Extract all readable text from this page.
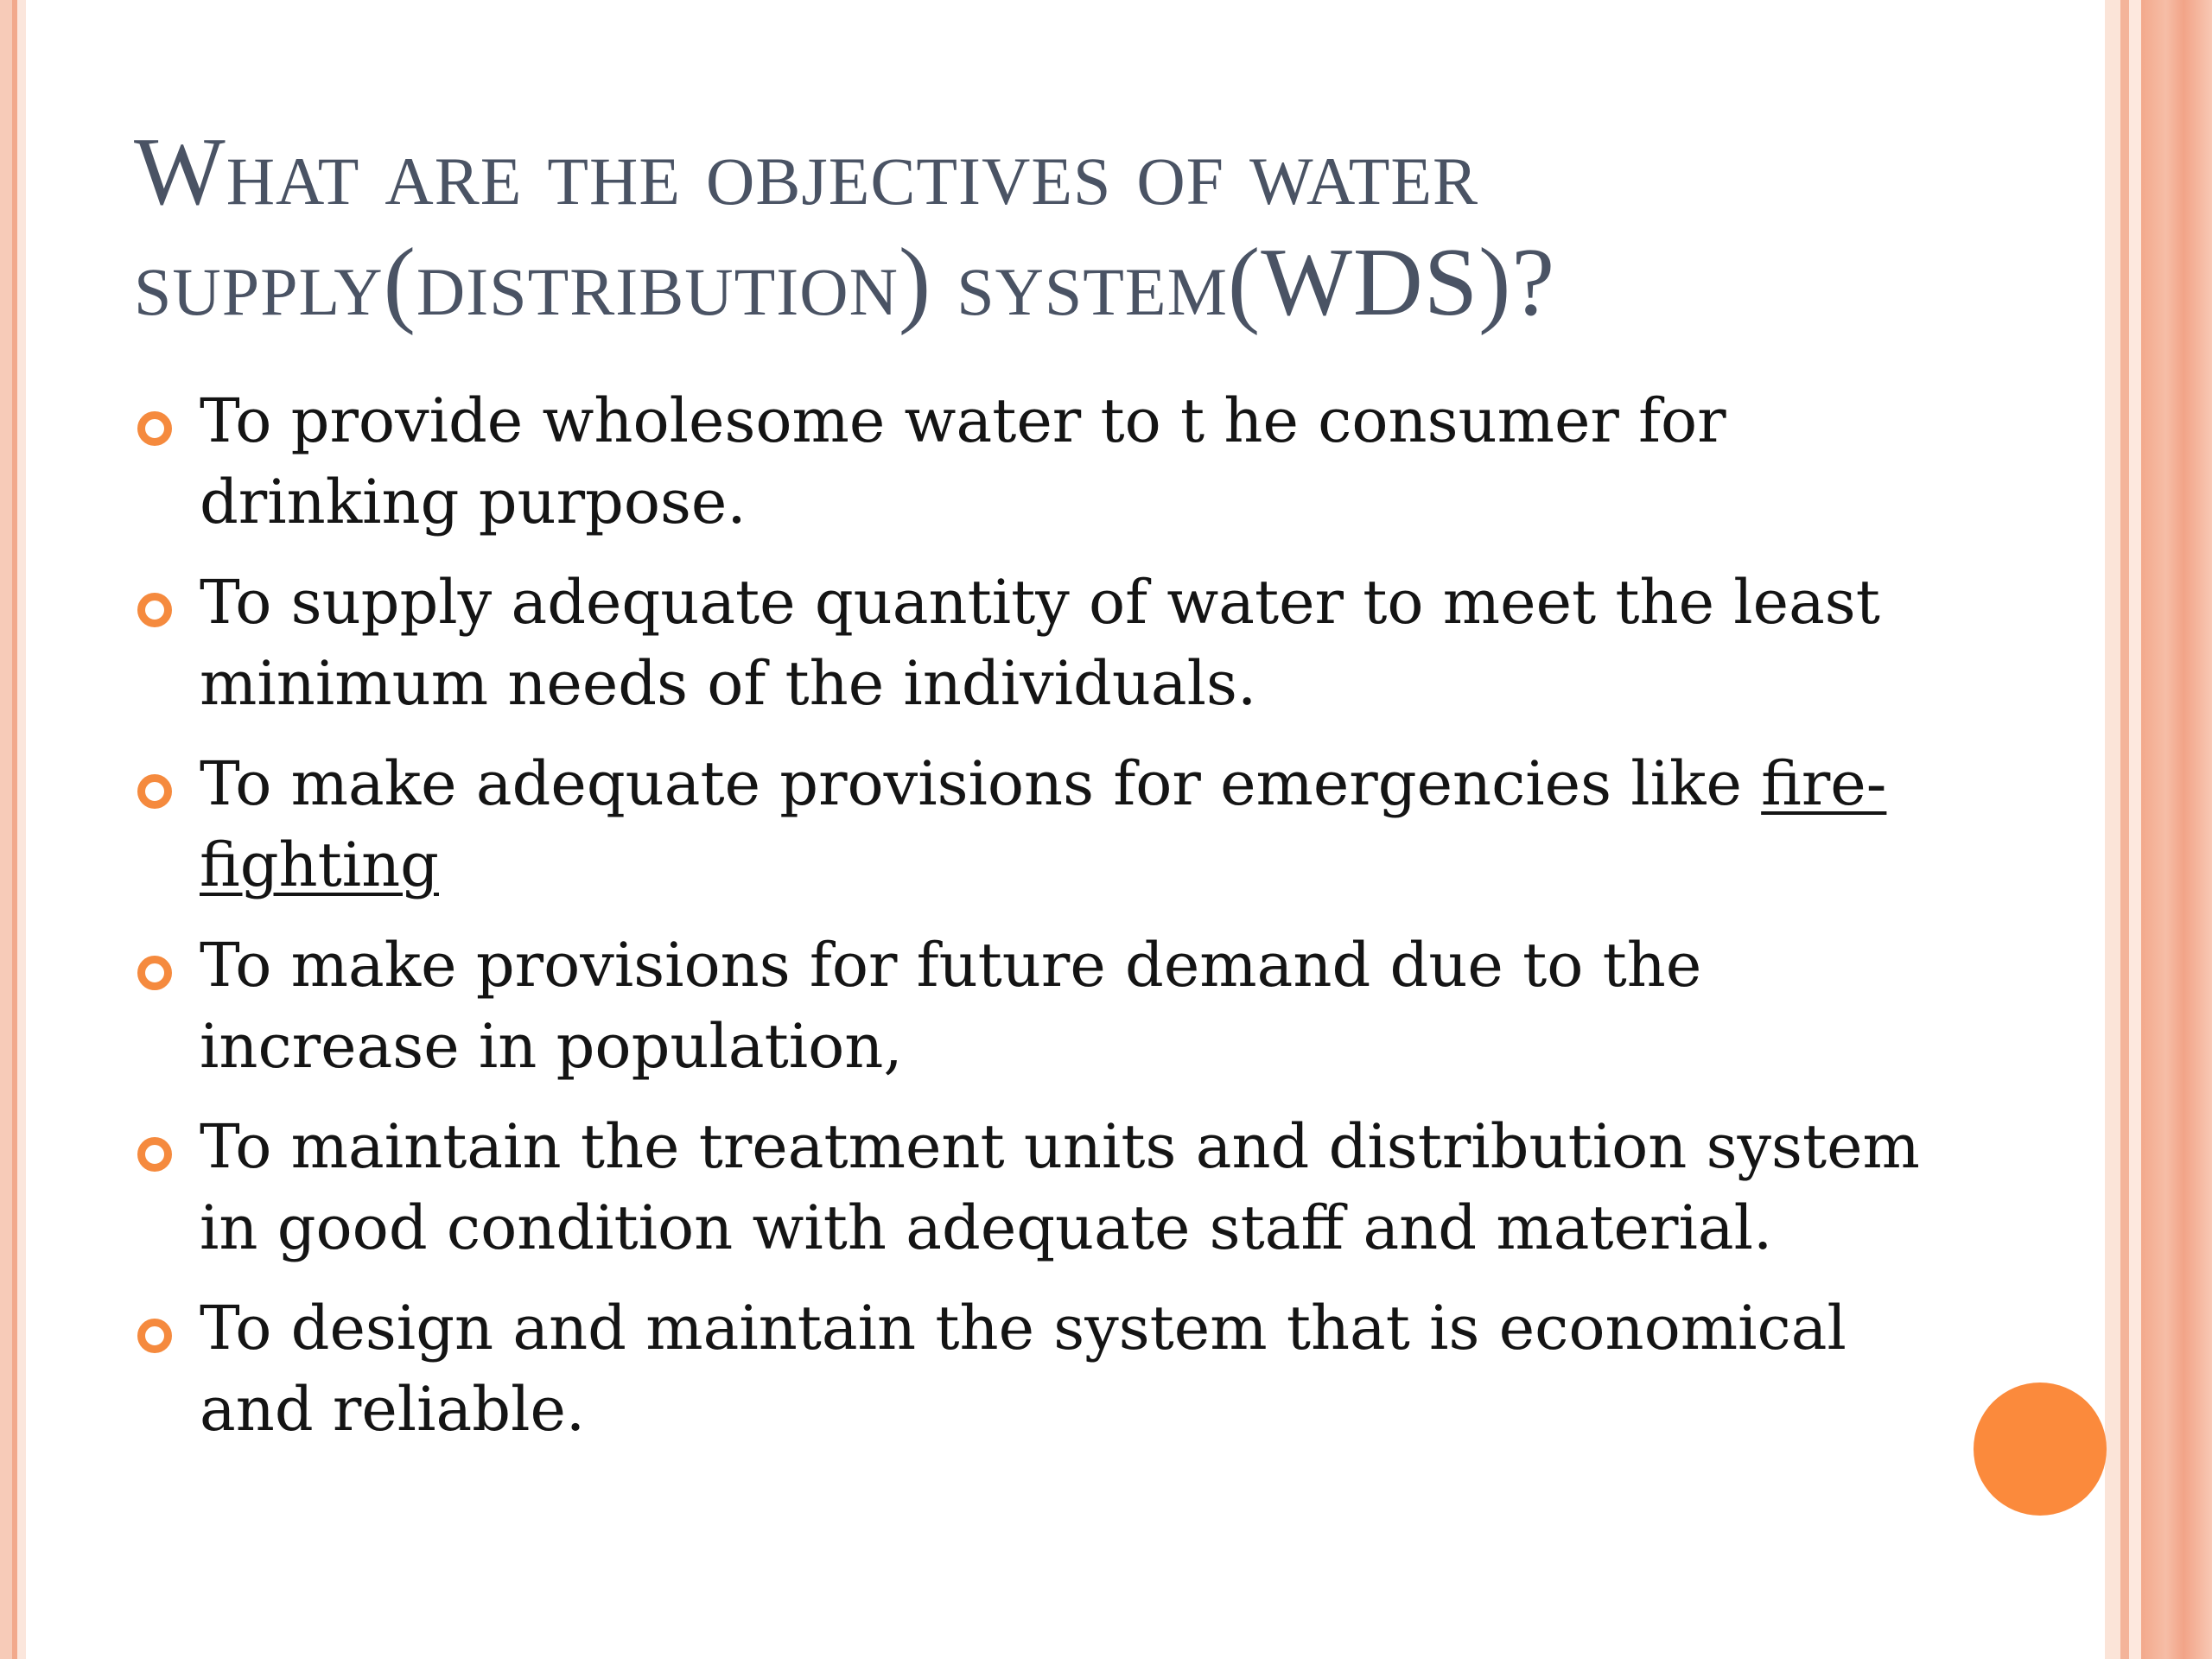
What are the objectives of water supply(distribution) system(WDS)?
To provide wholesome water to t he consumer for drinking purpose.
To supply adequate quantity of water to meet the least minimum needs of the individuals.
To make adequate provisions for emergencies like fire-fighting
To make provisions for future demand due to the increase in population,
To maintain the treatment units and distribution system in good condition with adequate staff and material.
To design and maintain the system that is economical and reliable.
